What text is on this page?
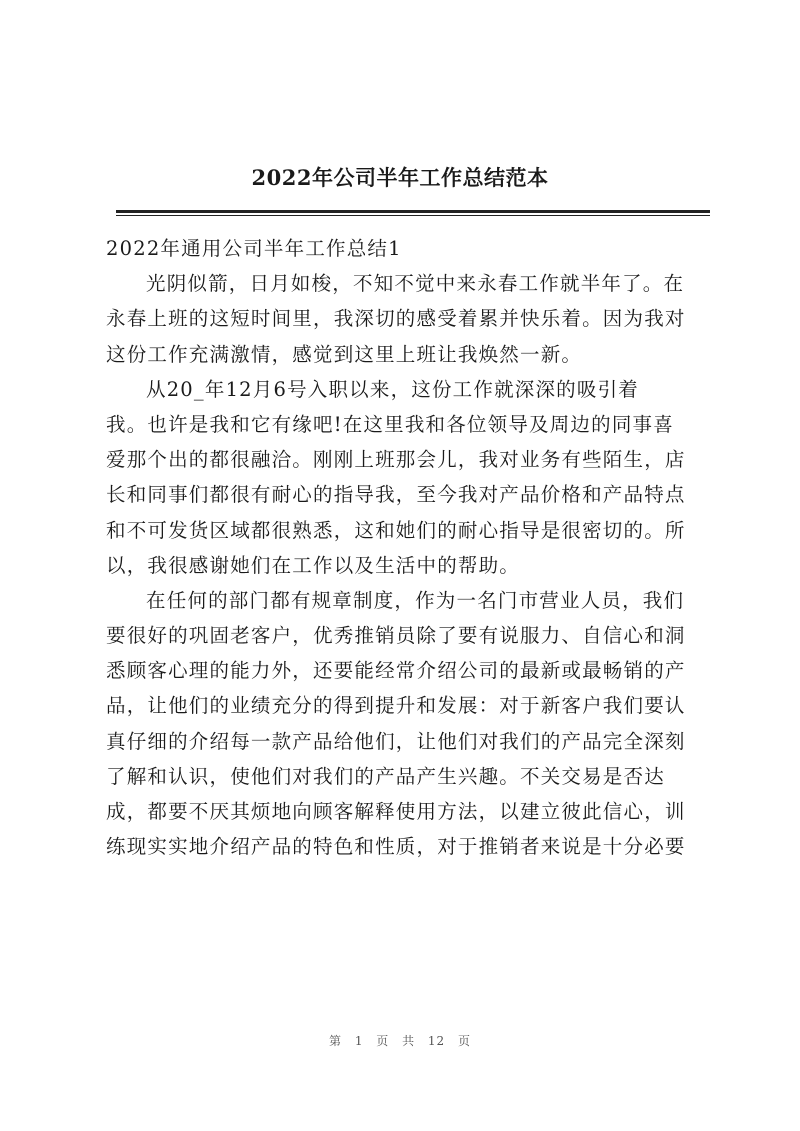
2022年公司半年工作总结范本

2022年通用公司半年工作总结1

光阴似箭，日月如梭，不知不觉中来永春工作就半年了。在

永春上班的这短时间里，我深切的感受着累并快乐着。因为我对

这份工作充满激情，感觉到这里上班让我焕然一新。

从20_年12月6号入职以来，这份工作就深深的吸引着

我。也许是我和它有缘吧!在这里我和各位领导及周边的同事喜

爱那个出的都很融洽。刚刚上班那会儿，我对业务有些陌生，店

长和同事们都很有耐心的指导我，至今我对产品价格和产品特点

和不可发货区域都很熟悉，这和她们的耐心指导是很密切的。所

以，我很感谢她们在工作以及生活中的帮助。

在任何的部门都有规章制度，作为一名门市营业人员，我们

要很好的巩固老客户，优秀推销员除了要有说服力、自信心和洞

悉顾客心理的能力外，还要能经常介绍公司的最新或最畅销的产

品，让他们的业绩充分的得到提升和发展：对于新客户我们要认

真仔细的介绍每一款产品给他们，让他们对我们的产品完全深刻

了解和认识，使他们对我们的产品产生兴趣。不关交易是否达

成，都要不厌其烦地向顾客解释使用方法，以建立彼此信心，训

练现实实地介绍产品的特色和性质，对于推销者来说是十分必要

第 1 页 共 12 页
